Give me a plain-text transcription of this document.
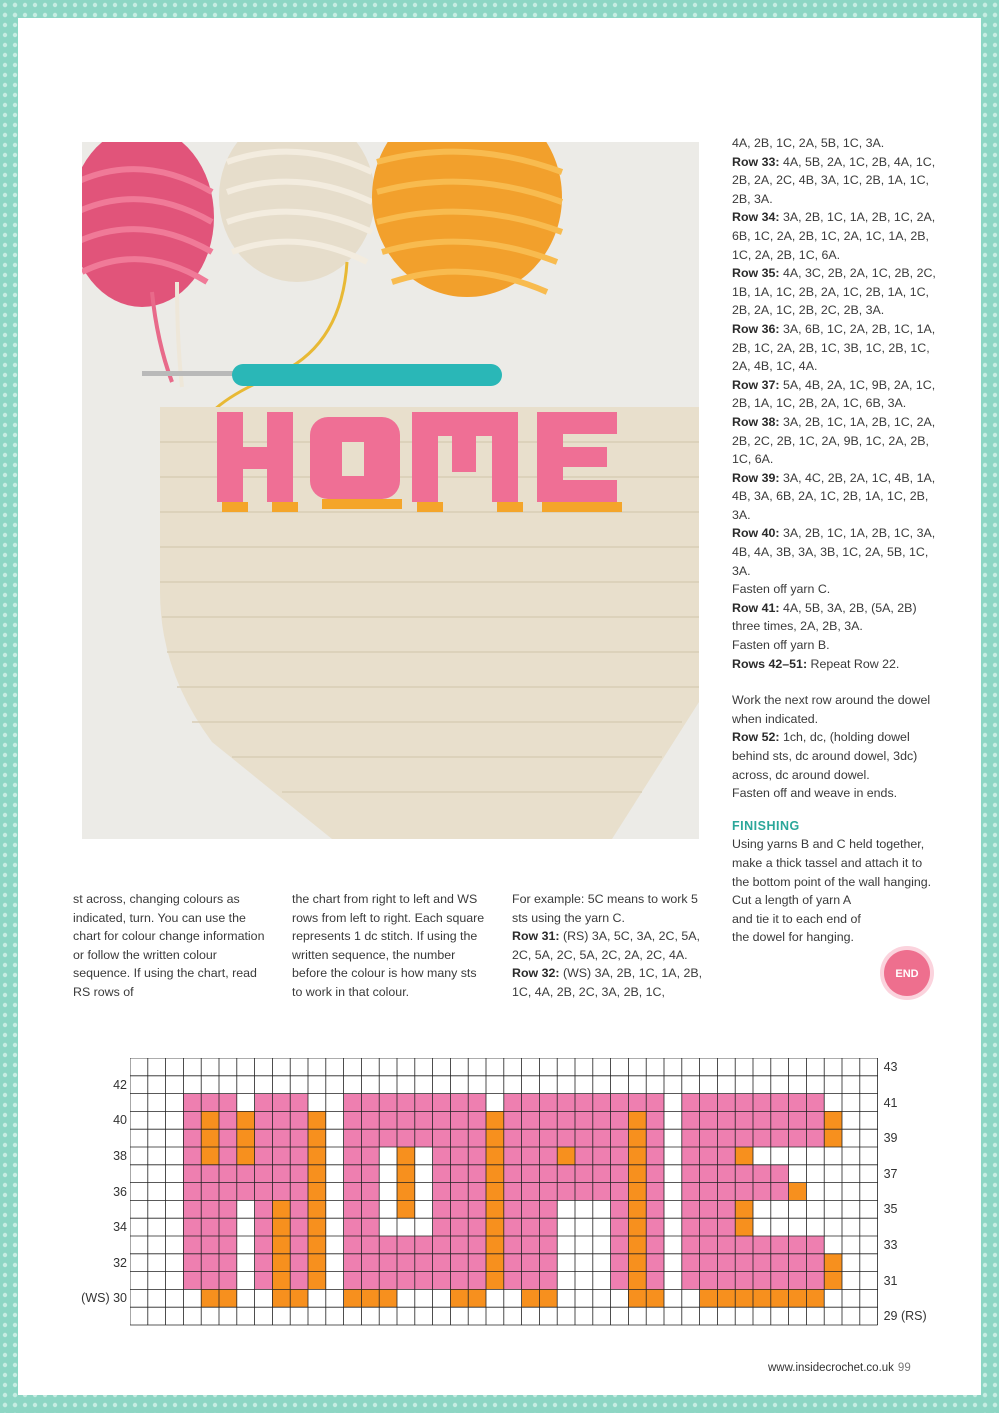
4A, 2B, 1C, 2A, 5B, 1C, 3A.

Row 33: 4A, 5B, 2A, 1C, 2B, 4A, 1C, 2B, 2A, 2C, 4B, 3A, 1C, 2B, 1A, 1C, 2B, 3A.

Row 34: 3A, 2B, 1C, 1A, 2B, 1C, 2A, 6B, 1C, 2A, 2B, 1C, 2A, 1C, 1A, 2B, 1C, 2A, 2B, 1C, 6A.

Row 35: 4A, 3C, 2B, 2A, 1C, 2B, 2C, 1B, 1A, 1C, 2B, 2A, 1C, 2B, 1A, 1C, 2B, 2A, 1C, 2B, 2C, 2B, 3A.

Row 36: 3A, 6B, 1C, 2A, 2B, 1C, 1A, 2B, 1C, 2A, 2B, 1C, 3B, 1C, 2B, 1C, 2A, 4B, 1C, 4A.

Row 37: 5A, 4B, 2A, 1C, 9B, 2A, 1C, 2B, 1A, 1C, 2B, 2A, 1C, 6B, 3A.

Row 38: 3A, 2B, 1C, 1A, 2B, 1C, 2A, 2B, 2C, 2B, 1C, 2A, 9B, 1C, 2A, 2B, 1C, 6A.

Row 39: 3A, 4C, 2B, 2A, 1C, 4B, 1A, 4B, 3A, 6B, 2A, 1C, 2B, 1A, 1C, 2B, 3A.

Row 40: 3A, 2B, 1C, 1A, 2B, 1C, 3A, 4B, 4A, 3B, 3A, 3B, 1C, 2A, 5B, 1C, 3A.

Fasten off yarn C.

Row 41: 4A, 5B, 3A, 2B, (5A, 2B) three times, 2A, 2B, 3A.

Fasten off yarn B.

Rows 42–51: Repeat Row 22.

Work the next row around the dowel when indicated.

Row 52: 1ch, dc, (holding dowel behind sts, dc around dowel, 3dc) across, dc around dowel.

Fasten off and weave in ends.

FINISHING

Using yarns B and C held together, make a thick tassel and attach it to the bottom point of the wall hanging.

Cut a length of yarn A and tie it to each end of the dowel for hanging.

END
st across, changing colours as indicated, turn. You can use the chart for colour change information or follow the written colour sequence. If using the chart, read RS rows of
the chart from right to left and WS rows from left to right. Each square represents 1 dc stitch. If using the written sequence, the number before the colour is how many sts to work in that colour.

For example: 5C means to work 5 sts using the yarn C.

Row 31: (RS) 3A, 5C, 3A, 2C, 5A, 2C, 5A, 2C, 5A, 2C, 2A, 2C, 4A.

Row 32: (WS) 3A, 2B, 1C, 1A, 2B, 1C, 4A, 2B, 2C, 3A, 2B, 1C,

42
40
38
36
34
32
(WS) 30
43
41
39
37
35
33
31
29 (RS)
www.insidecrochet.co.uk 99
